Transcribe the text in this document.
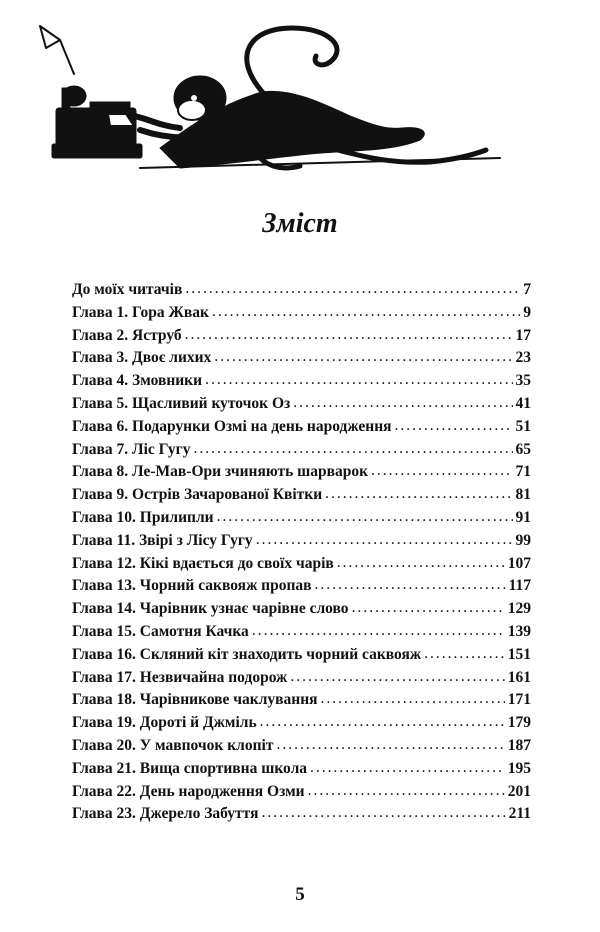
Зміст
До моїх читачів .....	7
Глава 1. Гора Жвак .....	9
Глава 2. Яструб .....	17
Глава 3. Двоє лихих .....	23
Глава 4. Змовники .....	35
Глава 5. Щасливий куточок Оз .....	41
Глава 6. Подарунки Озмі на день народження .....	51
Глава 7. Ліс Гугу .....	65
Глава 8. Ле-Мав-Ори зчиняють шарварок .....	71
Глава 9. Острів Зачарованої Квітки .....	81
Глава 10. Прилипли .....	91
Глава 11. Звірі з Лісу Гугу .....	99
Глава 12. Кікі вдається до своїх чарів .....	107
Глава 13. Чорний саквояж пропав .....	117
Глава 14. Чарівник узнає чарівне слово .....	129
Глава 15. Самотня Качка .....	139
Глава 16. Скляний кіт знаходить чорний саквояж .....	151
Глава 17. Незвичайна подорож .....	161
Глава 18. Чарівникове чаклування .....	171
Глава 19. Дороті й Джміль .....	179
Глава 20. У мавпочок клопіт .....	187
Глава 21. Вища спортивна школа .....	195
Глава 22. День народження Озми .....	201
Глава 23. Джерело Забуття .....	211
5
